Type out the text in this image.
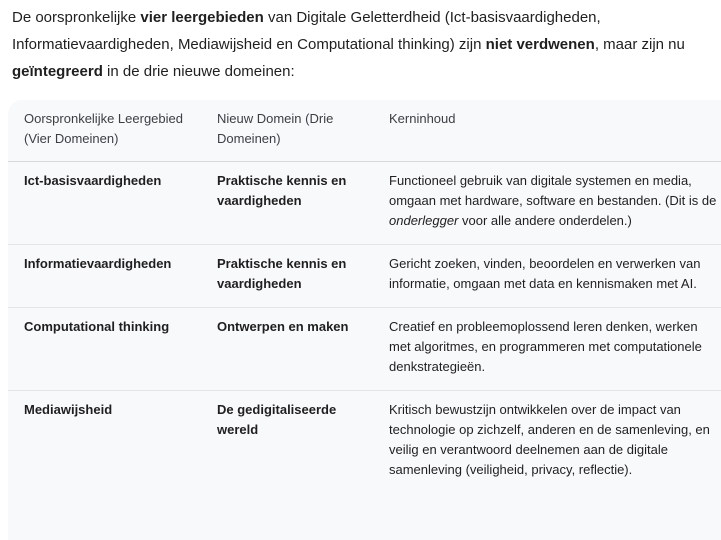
De oorspronkelijke vier leergebieden van Digitale Geletterdheid (Ict-basisvaardigheden, Informatievaardigheden, Mediawijsheid en Computational thinking) zijn niet verdwenen, maar zijn nu geïntegreerd in de drie nieuwe domeinen:

Oorspronkelijke Leergebied (Vier Domeinen)	Nieuw Domein (Drie Domeinen)	Kerninhoud
Ict-basisvaardigheden	Praktische kennis en vaardigheden	Functioneel gebruik van digitale systemen en media, omgaan met hardware, software en bestanden. (Dit is de onderlegger voor alle andere onderdelen.)
Informatievaardigheden	Praktische kennis en vaardigheden	Gericht zoeken, vinden, beoordelen en verwerken van informatie, omgaan met data en kennismaken met AI.
Computational thinking	Ontwerpen en maken	Creatief en probleemoplossend leren denken, werken met algoritmes, en programmeren met computationele denkstrategieën.
Mediawijsheid	De gedigitaliseerde wereld	Kritisch bewustzijn ontwikkelen over de impact van technologie op zichzelf, anderen en de samenleving, en veilig en verantwoord deelnemen aan de digitale samenleving (veiligheid, privacy, reflectie).
